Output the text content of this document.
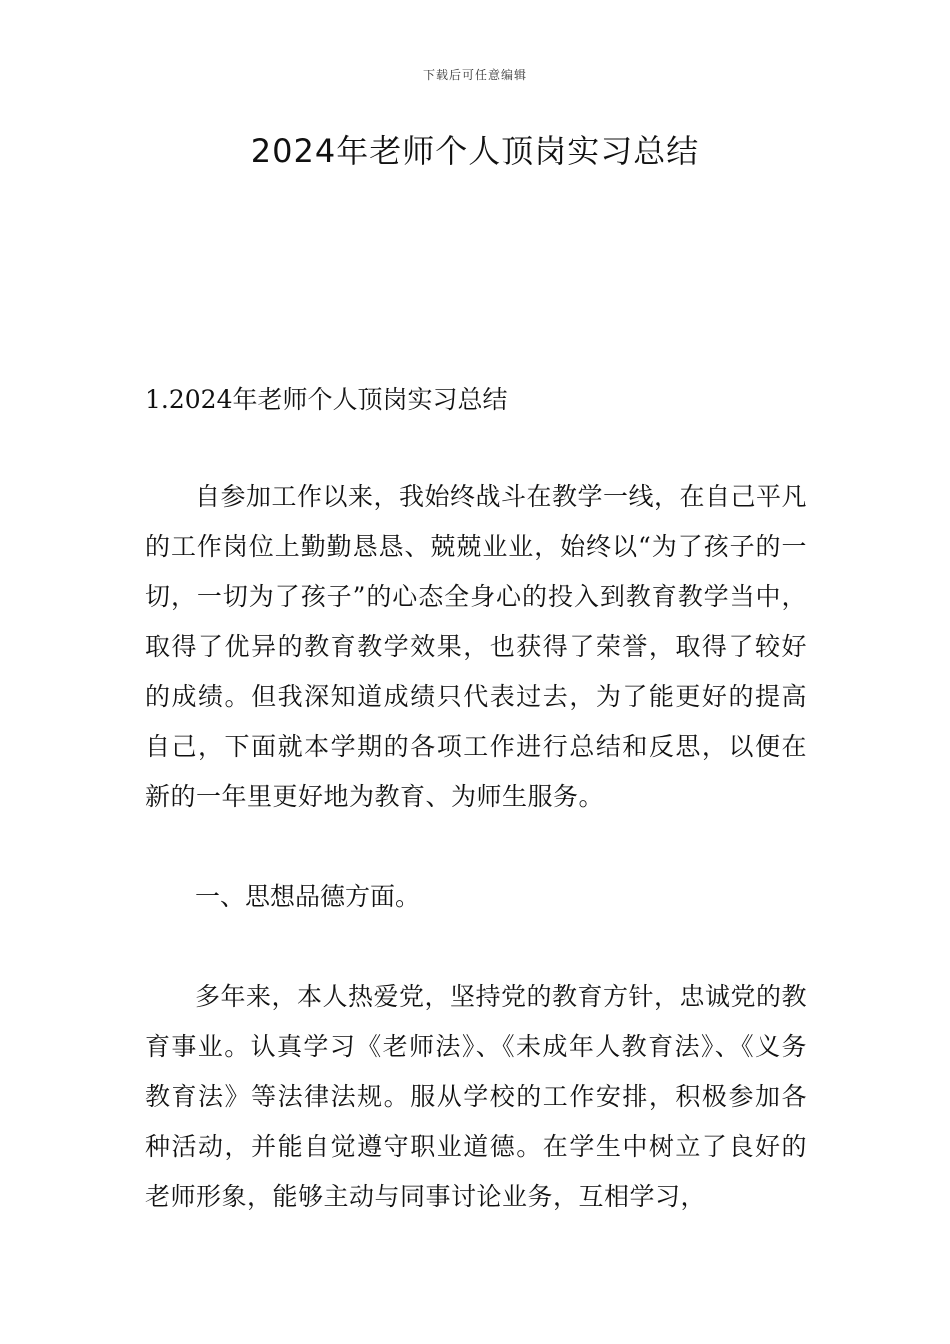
下载后可任意编辑
2024年老师个人顶岗实习总结
1.2024年老师个人顶岗实习总结

自参加工作以来，我始终战斗在教学一线，在自己平凡的工作岗位上勤勤恳恳、兢兢业业，始终以“为了孩子的一切，一切为了孩子”的心态全身心的投入到教育教学当中，取得了优异的教育教学效果，也获得了荣誉，取得了较好的成绩。但我深知道成绩只代表过去，为了能更好的提高自己，下面就本学期的各项工作进行总结和反思，以便在新的一年里更好地为教育、为师生服务。

一、思想品德方面。

多年来，本人热爱党，坚持党的教育方针，忠诚党的教育事业。认真学习《老师法》、《未成年人教育法》、《义务教育法》等法律法规。服从学校的工作安排，积极参加各种活动，并能自觉遵守职业道德。在学生中树立了良好的老师形象，能够主动与同事讨论业务，互相学习，
